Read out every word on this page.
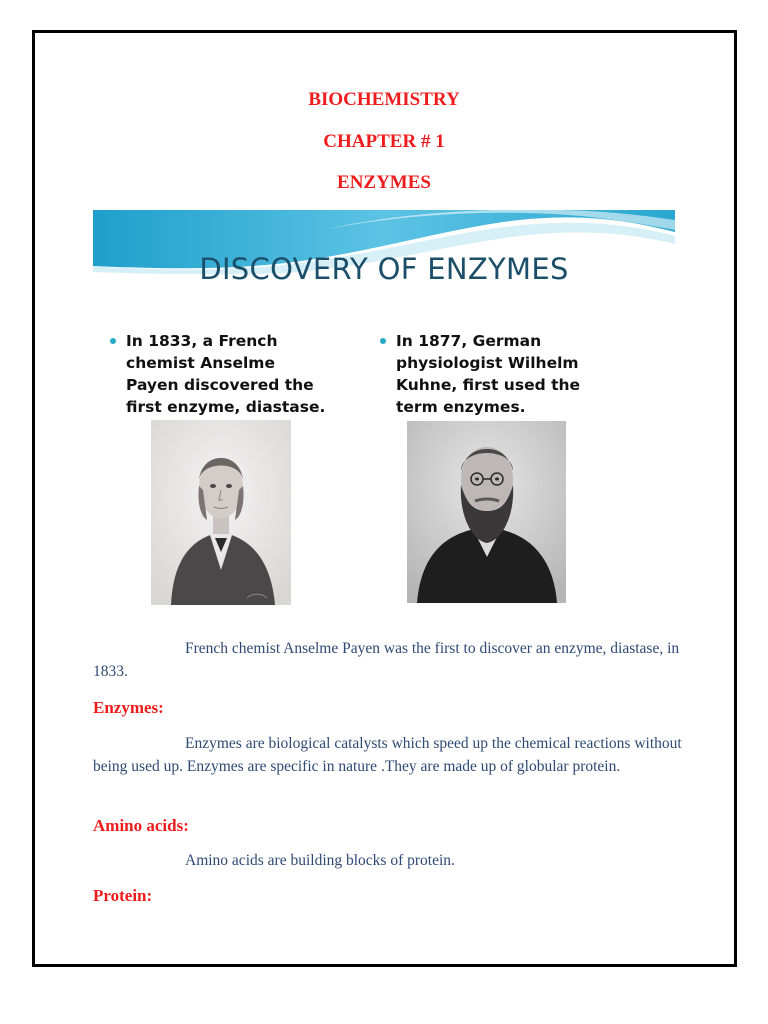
BIOCHEMISTRY
CHAPTER # 1
ENZYMES
DISCOVERY OF ENZYMES
In 1833, a French
chemist Anselme
Payen discovered the
first enzyme, diastase.
In 1877, German
physiologist Wilhelm
Kuhne, first used the
term enzymes.
French chemist Anselme Payen was the first to discover an enzyme, diastase, in 1833.
Enzymes:
Enzymes are biological catalysts which speed up the chemical reactions without being used up. Enzymes are specific in nature .They are made up of globular protein.
Amino acids:
Amino acids are building blocks of protein.
Protein:
